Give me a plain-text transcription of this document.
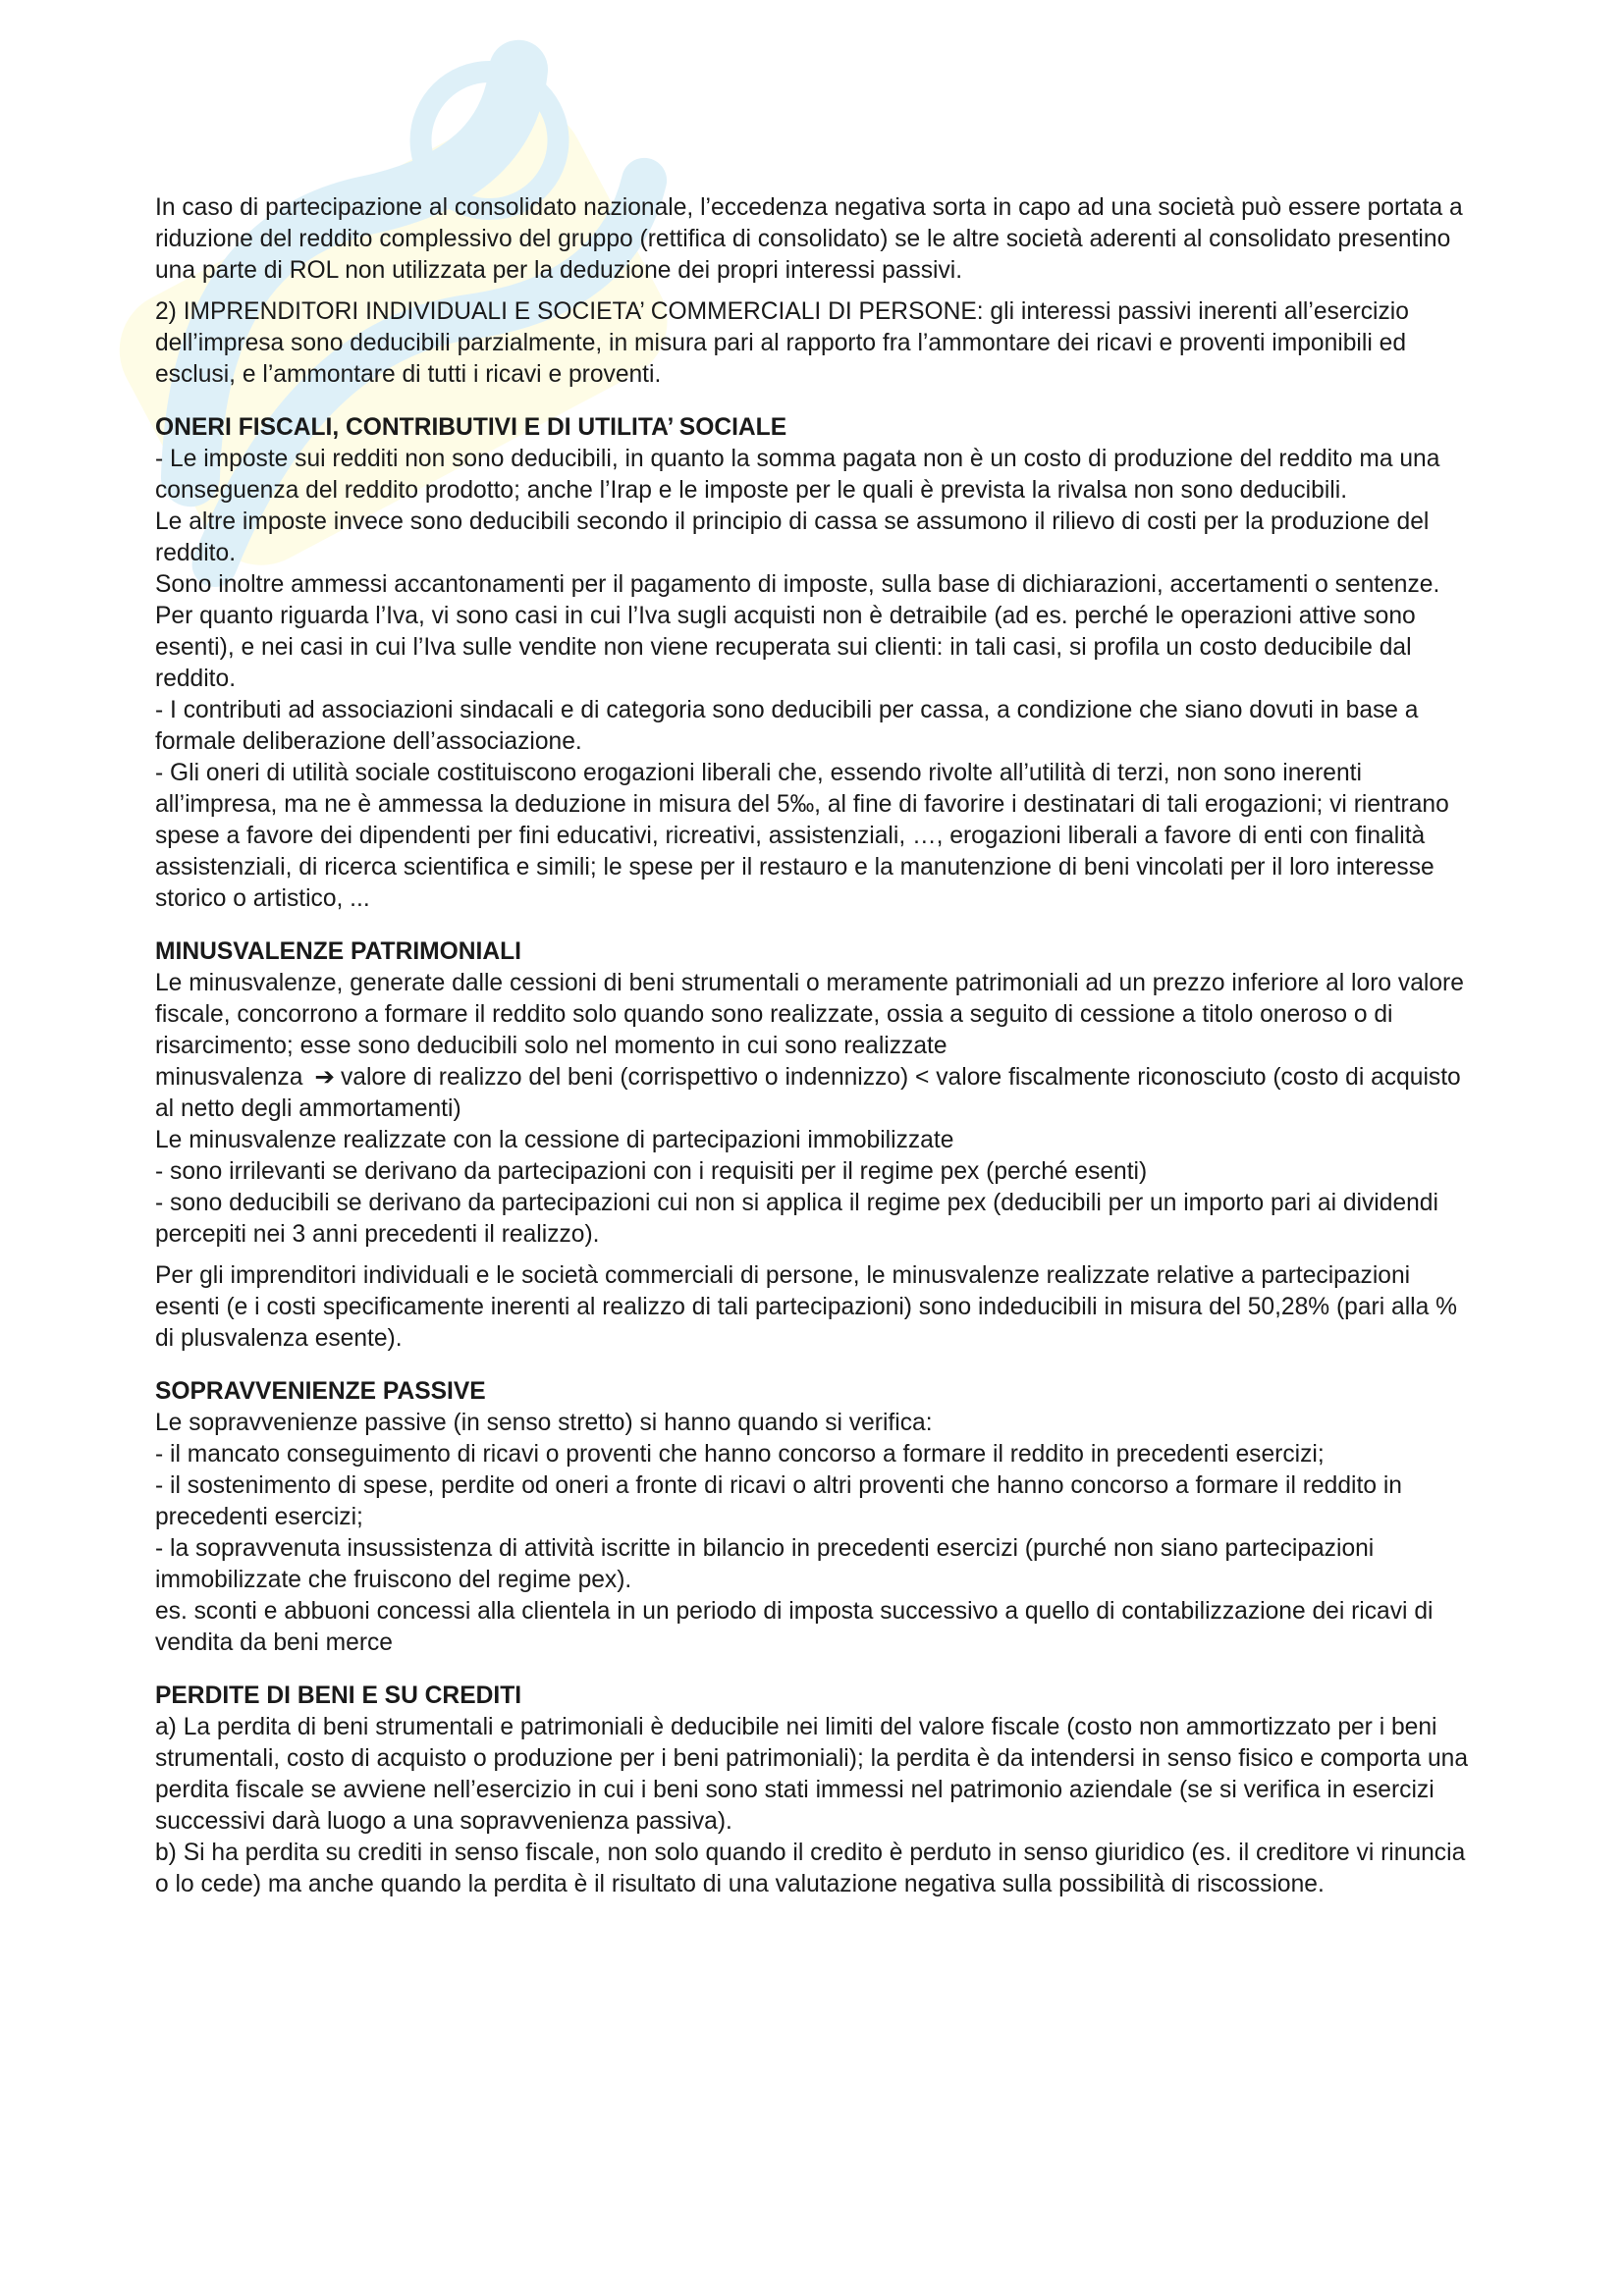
In caso di partecipazione al consolidato nazionale, l’eccedenza negativa sorta in capo ad una società può essere portata a riduzione del reddito complessivo del gruppo (rettifica di consolidato) se le altre società aderenti al consolidato presentino una parte di ROL non utilizzata per la deduzione dei propri interessi passivi.

2) IMPRENDITORI INDIVIDUALI E SOCIETA’ COMMERCIALI DI PERSONE: gli interessi passivi inerenti all’esercizio dell’impresa sono deducibili parzialmente, in misura pari al rapporto fra l’ammontare dei ricavi e proventi imponibili ed esclusi, e l’ammontare di tutti i ricavi e proventi.

ONERI FISCALI, CONTRIBUTIVI E DI UTILITA’ SOCIALE

- Le imposte sui redditi non sono deducibili, in quanto la somma pagata non è un costo di produzione del reddito ma una conseguenza del reddito prodotto; anche l’Irap e le imposte per le quali è prevista la rivalsa non sono deducibili.

Le altre imposte invece sono deducibili secondo il principio di cassa se assumono il rilievo di costi per la produzione del reddito.

Sono inoltre ammessi accantonamenti per il pagamento di imposte, sulla base di dichiarazioni, accertamenti o sentenze.

Per quanto riguarda l’Iva, vi sono casi in cui l’Iva sugli acquisti non è detraibile (ad es. perché le operazioni attive sono esenti), e nei casi in cui l’Iva sulle vendite non viene recuperata sui clienti: in tali casi, si profila un costo deducibile dal reddito.

- I contributi ad associazioni sindacali e di categoria sono deducibili per cassa, a condizione che siano dovuti in base a formale deliberazione dell’associazione.

- Gli oneri di utilità sociale costituiscono erogazioni liberali che, essendo rivolte all’utilità di terzi, non sono inerenti all’impresa, ma ne è ammessa la deduzione in misura del 5‰, al fine di favorire i destinatari di tali erogazioni; vi rientrano spese a favore dei dipendenti per fini educativi, ricreativi, assistenziali, …, erogazioni liberali a favore di enti con finalità assistenziali, di ricerca scientifica e simili; le spese per il restauro e la manutenzione di beni vincolati per il loro interesse storico o artistico, ...

MINUSVALENZE PATRIMONIALI

Le minusvalenze, generate dalle cessioni di beni strumentali o meramente patrimoniali ad un prezzo inferiore al loro valore fiscale, concorrono a formare il reddito solo quando sono realizzate, ossia a seguito di cessione a titolo oneroso o di risarcimento; esse sono deducibili solo nel momento in cui sono realizzate

minusvalenza ➔ valore di realizzo del beni (corrispettivo o indennizzo) < valore fiscalmente riconosciuto (costo di acquisto al netto degli ammortamenti)

Le minusvalenze realizzate con la cessione di partecipazioni immobilizzate

- sono irrilevanti se derivano da partecipazioni con i requisiti per il regime pex (perché esenti)

- sono deducibili se derivano da partecipazioni cui non si applica il regime pex (deducibili per un importo pari ai dividendi percepiti nei 3 anni precedenti il realizzo).

Per gli imprenditori individuali e le società commerciali di persone, le minusvalenze realizzate relative a partecipazioni esenti (e i costi specificamente inerenti al realizzo di tali partecipazioni) sono indeducibili in misura del 50,28% (pari alla % di plusvalenza esente).

SOPRAVVENIENZE PASSIVE

Le sopravvenienze passive (in senso stretto) si hanno quando si verifica:

- il mancato conseguimento di ricavi o proventi che hanno concorso a formare il reddito in precedenti esercizi;

- il sostenimento di spese, perdite od oneri a fronte di ricavi o altri proventi che hanno concorso a formare il reddito in precedenti esercizi;

- la sopravvenuta insussistenza di attività iscritte in bilancio in precedenti esercizi (purché non siano partecipazioni immobilizzate che fruiscono del regime pex).

es. sconti e abbuoni concessi alla clientela in un periodo di imposta successivo a quello di contabilizzazione dei ricavi di vendita da beni merce

PERDITE DI BENI E SU CREDITI

a) La perdita di beni strumentali e patrimoniali è deducibile nei limiti del valore fiscale (costo non ammortizzato per i beni strumentali, costo di acquisto o produzione per i beni patrimoniali); la perdita è da intendersi in senso fisico e comporta una perdita fiscale se avviene nell’esercizio in cui i beni sono stati immessi nel patrimonio aziendale (se si verifica in esercizi successivi darà luogo a una sopravvenienza passiva).

b) Si ha perdita su crediti in senso fiscale, non solo quando il credito è perduto in senso giuridico (es. il creditore vi rinuncia o lo cede) ma anche quando la perdita è il risultato di una valutazione negativa sulla possibilità di riscossione.
